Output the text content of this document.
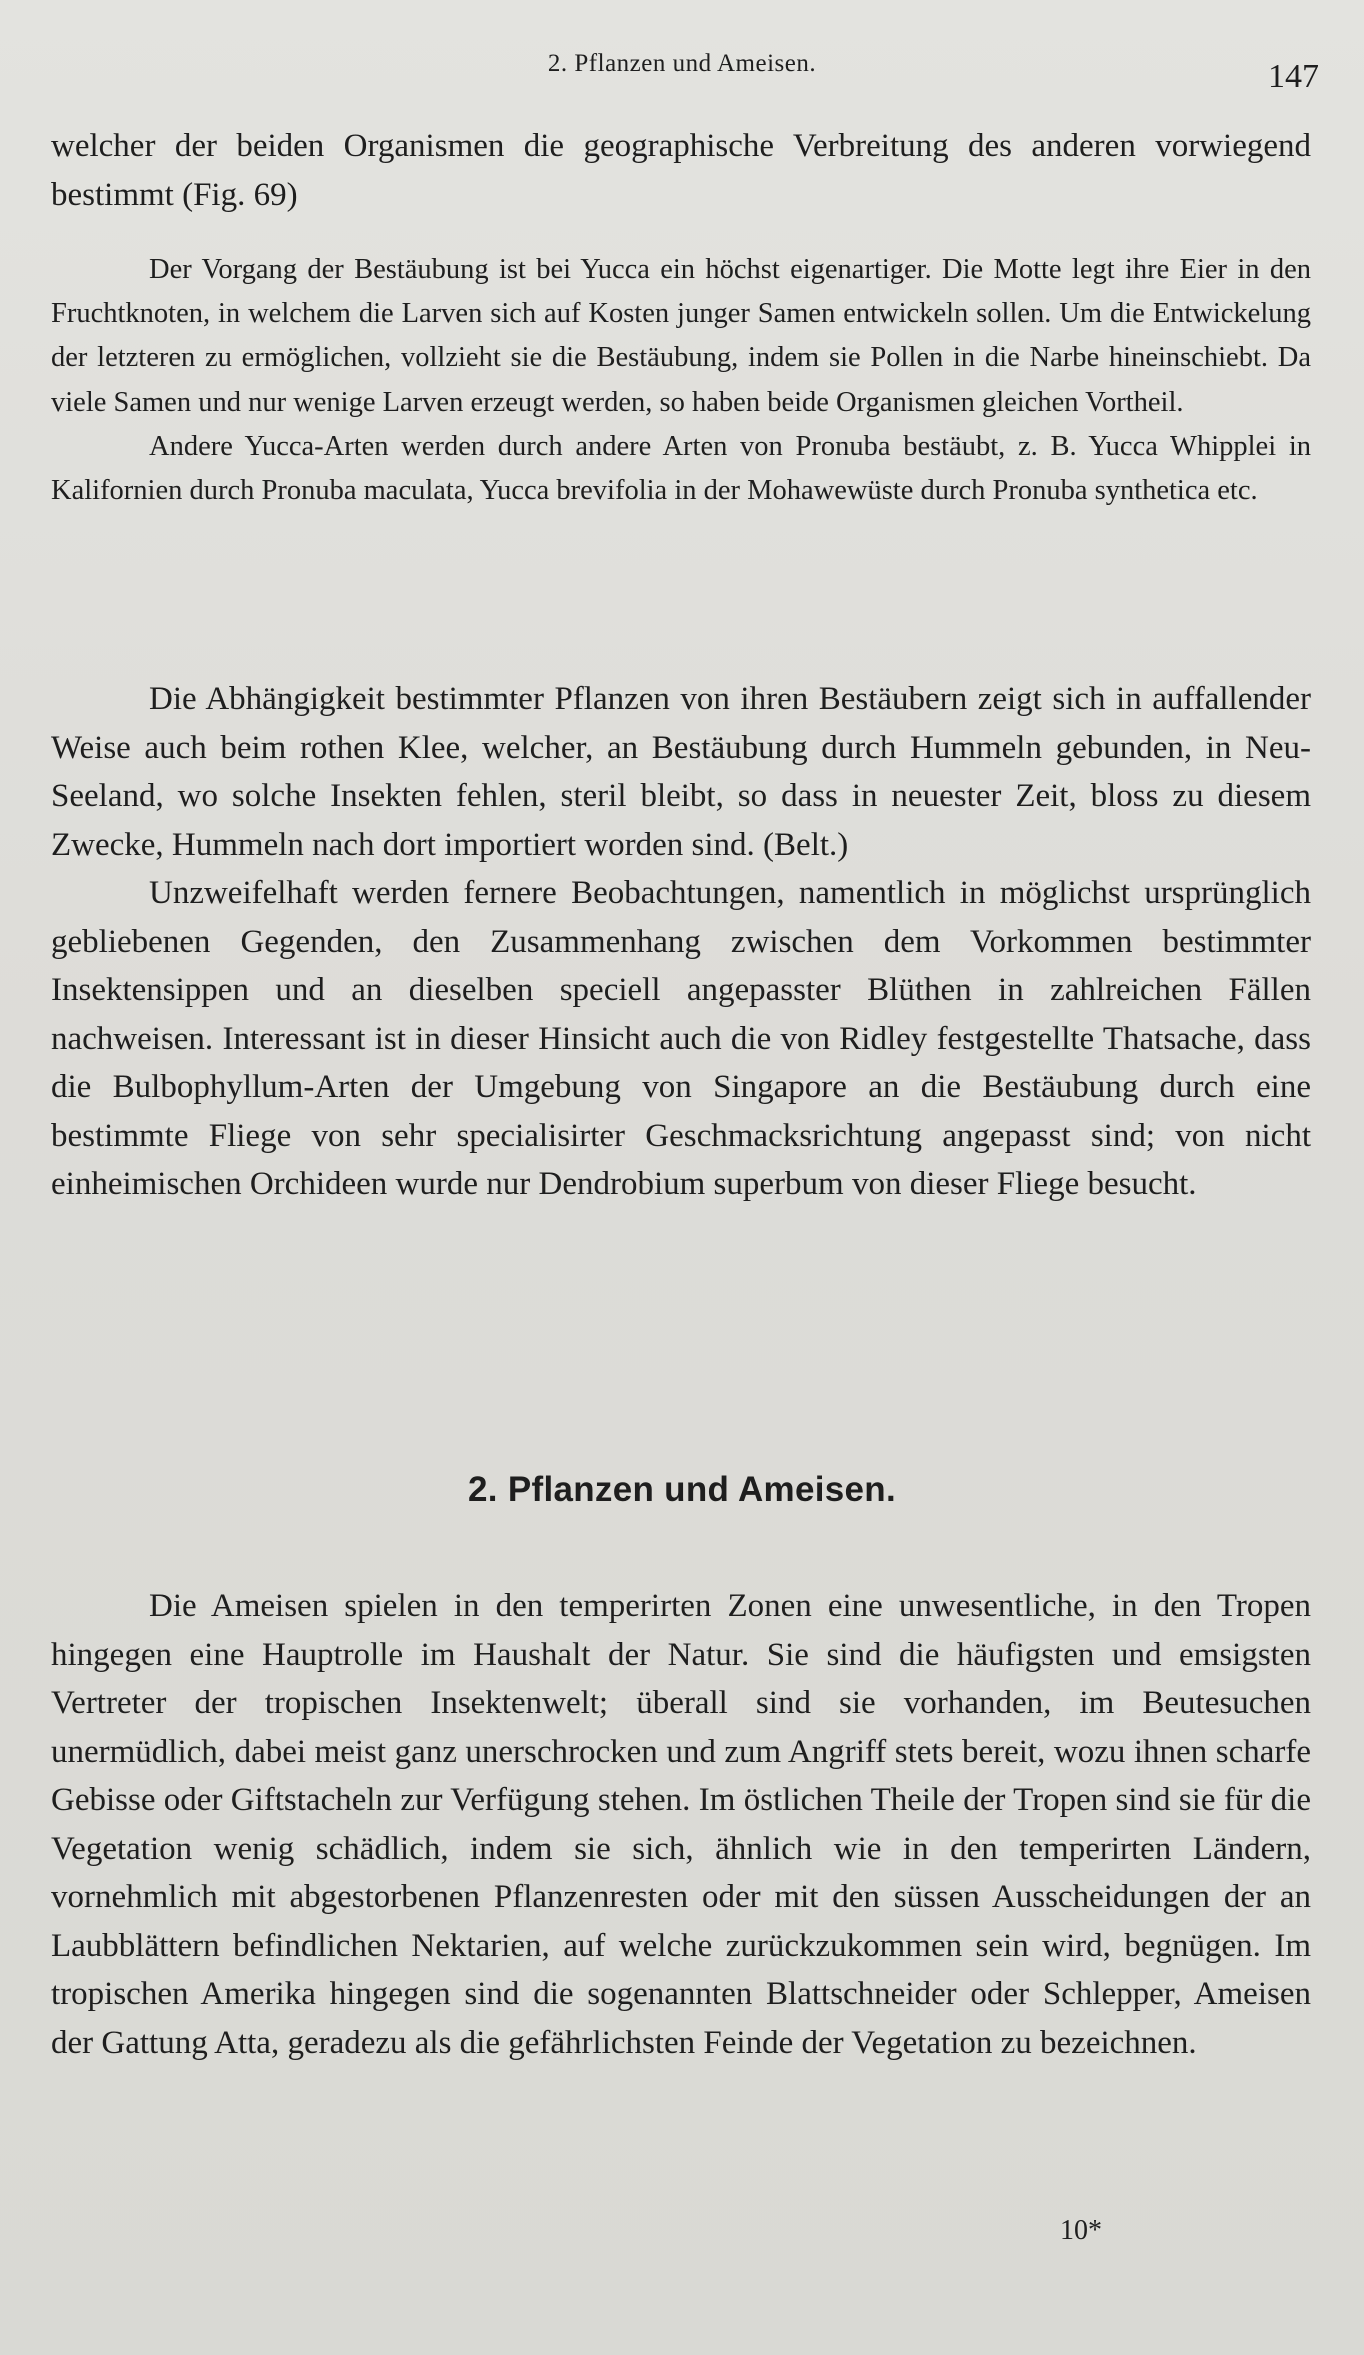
2. Pflanzen und Ameisen.	147

welcher der beiden Organismen die geographische Verbreitung des anderen vorwiegend bestimmt (Fig. 69)

Der Vorgang der Bestäubung ist bei Yucca ein höchst eigenartiger. Die Motte legt ihre Eier in den Fruchtknoten, in welchem die Larven sich auf Kosten junger Samen entwickeln sollen. Um die Entwickelung der letzteren zu ermöglichen, vollzieht sie die Bestäubung, indem sie Pollen in die Narbe hineinschiebt. Da viele Samen und nur wenige Larven erzeugt werden, so haben beide Organismen gleichen Vortheil.

Andere Yucca-Arten werden durch andere Arten von Pronuba bestäubt, z. B. Yucca Whipplei in Kalifornien durch Pronuba maculata, Yucca brevifolia in der Mohawewüste durch Pronuba synthetica etc.

Die Abhängigkeit bestimmter Pflanzen von ihren Bestäubern zeigt sich in auffallender Weise auch beim rothen Klee, welcher, an Bestäubung durch Hummeln gebunden, in Neu-Seeland, wo solche Insekten fehlen, steril bleibt, so dass in neuester Zeit, bloss zu diesem Zwecke, Hummeln nach dort importiert worden sind. (Belt.)

Unzweifelhaft werden fernere Beobachtungen, namentlich in möglichst ursprünglich gebliebenen Gegenden, den Zusammenhang zwischen dem Vorkommen bestimmter Insektensippen und an dieselben speciell angepasster Blüthen in zahlreichen Fällen nachweisen. Interessant ist in dieser Hinsicht auch die von Ridley festgestellte Thatsache, dass die Bulbophyllum-Arten der Umgebung von Singapore an die Bestäubung durch eine bestimmte Fliege von sehr specialisirter Geschmacksrichtung angepasst sind; von nicht einheimischen Orchideen wurde nur Dendrobium superbum von dieser Fliege besucht.

2. Pflanzen und Ameisen.

Die Ameisen spielen in den temperirten Zonen eine unwesentliche, in den Tropen hingegen eine Hauptrolle im Haushalt der Natur. Sie sind die häufigsten und emsigsten Vertreter der tropischen Insektenwelt; überall sind sie vorhanden, im Beutesuchen unermüdlich, dabei meist ganz unerschrocken und zum Angriff stets bereit, wozu ihnen scharfe Gebisse oder Giftstacheln zur Verfügung stehen. Im östlichen Theile der Tropen sind sie für die Vegetation wenig schädlich, indem sie sich, ähnlich wie in den temperirten Ländern, vornehmlich mit abgestorbenen Pflanzenresten oder mit den süssen Ausscheidungen der an Laubblättern befindlichen Nektarien, auf welche zurückzukommen sein wird, begnügen. Im tropischen Amerika hingegen sind die sogenannten Blattschneider oder Schlepper, Ameisen der Gattung Atta, geradezu als die gefährlichsten Feinde der Vegetation zu bezeichnen.

10*
